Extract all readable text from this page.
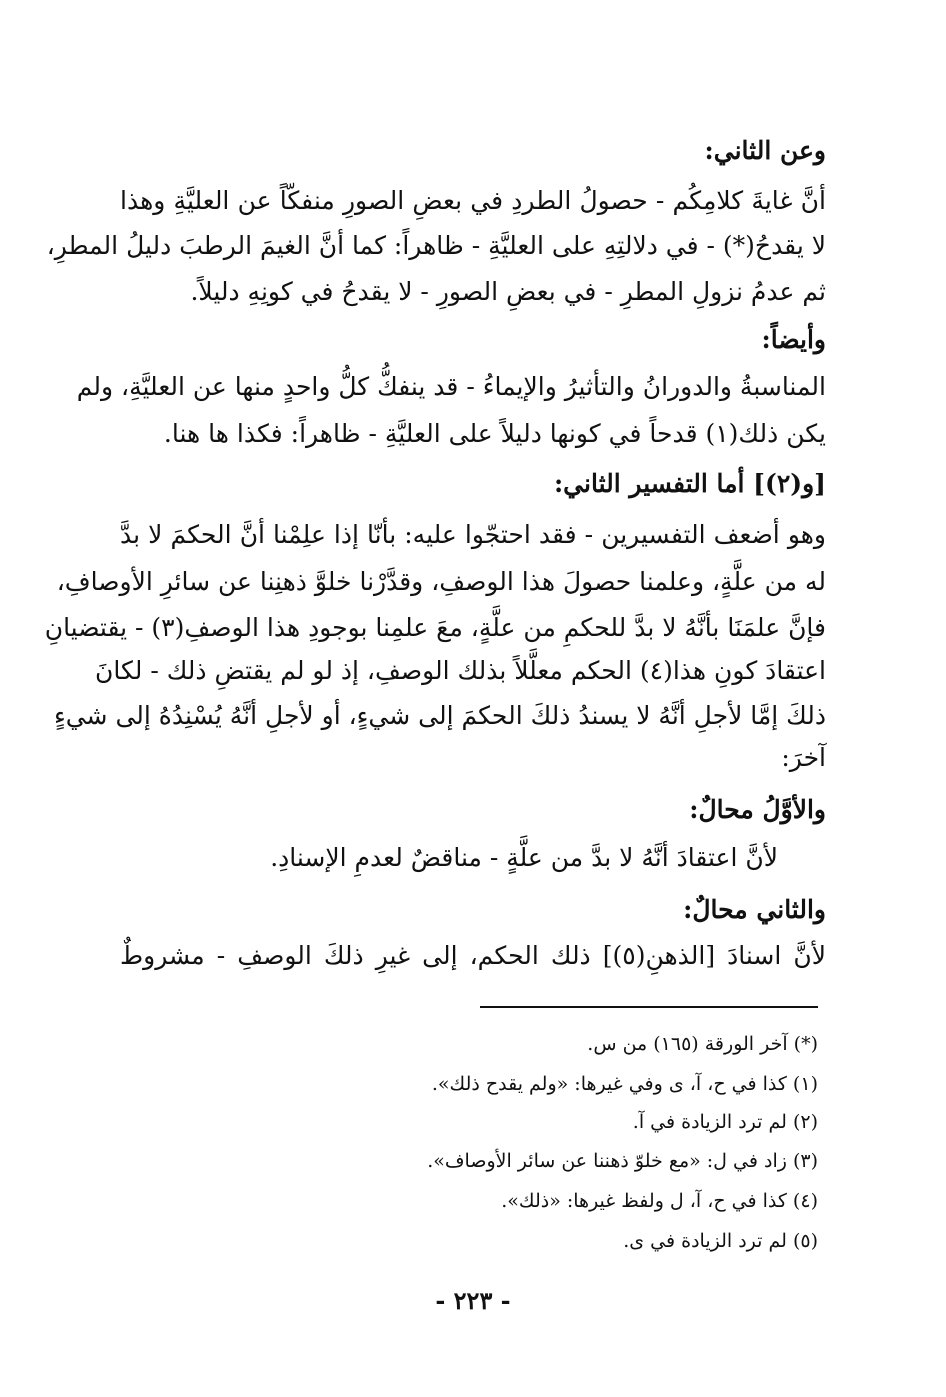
وعن الثاني:
أنَّ غايةَ كلامِكُم - حصولُ الطردِ في بعضِ الصورِ منفكّاً عن العليَّةِ وهذا
لا يقدحُ(*) - في دلالتِهِ على العليَّةِ - ظاهراً: كما أنَّ الغيمَ الرطبَ دليلُ المطرِ،
ثم عدمُ نزولِ المطرِ - في بعضِ الصورِ - لا يقدحُ في كونِهِ دليلاً.
وأيضاً:
المناسبةُ والدورانُ والتأثيرُ والإيماءُ - قد ينفكُّ كلُّ واحدٍ منها عن العليَّةِ، ولم
يكن ذلك(١) قدحاً في كونها دليلاً على العليَّةِ - ظاهراً: فكذا ها هنا.
[و(٢)] أما التفسير الثاني:
وهو أضعف التفسيرين - فقد احتجّوا عليه: بأنّا إذا علِمْنا أنَّ الحكمَ لا بدَّ
له من علَّةٍ، وعلمنا حصولَ هذا الوصفِ، وقدَّرْنا خلوَّ ذهنِنا عن سائرِ الأوصافِ،
فإنَّ علمَنَا بأنَّهُ لا بدَّ للحكمِ من علَّةٍ، معَ علمِنا بوجودِ هذا الوصفِ(٣) - يقتضيانِ
اعتقادَ كونِ هذا(٤) الحكم معلَّلاً بذلك الوصفِ، إذ لو لم يقتضِ ذلك - لكانَ
ذلكَ إمَّا لأجلِ أنَّهُ لا يسندُ ذلكَ الحكمَ إلى شيءٍ، أو لأجلِ أنَّهُ يُسْنِدُهُ إلى شيءٍ
آخرَ:
والأوَّلُ محالٌ:
لأنَّ اعتقادَ أنَّهُ لا بدَّ من علَّةٍ - مناقضٌ لعدمِ الإسنادِ.
والثاني محالٌ:
لأنَّ اسنادَ [الذهنِ(٥)] ذلك الحكم، إلى غيرِ ذلكَ الوصفِ - مشروطٌ
(*) آخر الورقة (١٦٥) من س.
(١) كذا في ح، آ، ى وفي غيرها: «ولم يقدح ذلك».
(٢) لم ترد الزيادة في آ.
(٣) زاد في ل: «مع خلوّ ذهننا عن سائر الأوصاف».
(٤) كذا في ح، آ، ل ولفظ غيرها: «ذلك».
(٥) لم ترد الزيادة في ى.
- ٢٢٣ -
